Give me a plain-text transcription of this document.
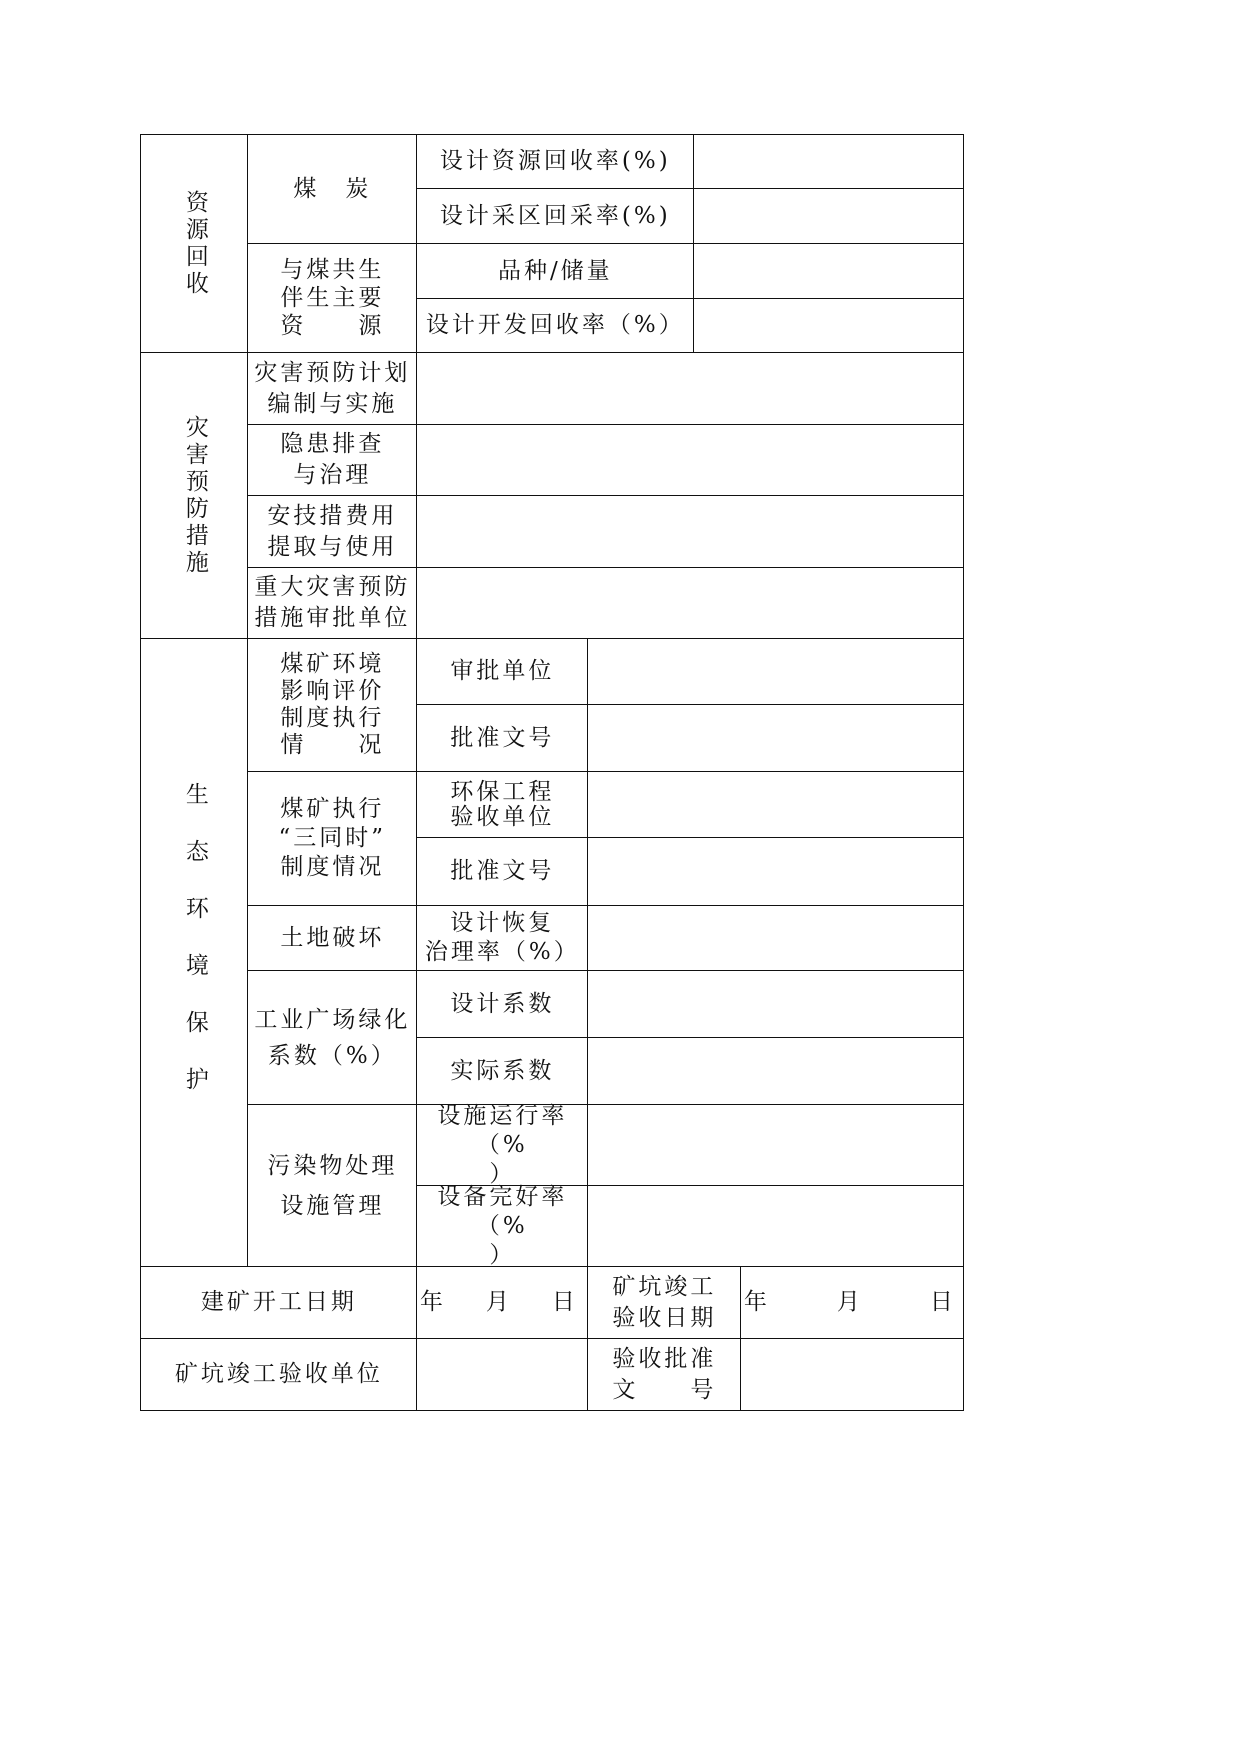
资源回收
煤　炭
设计资源回收率(%)
设计采区回采率(%)
与煤共生
伴生主要
资　　源
品种/储量
设计开发回收率（%）
灾害预防措施
灾害预防计划
编制与实施
隐患排查
与治理
安技措费用
提取与使用
重大灾害预防
措施审批单位
生态环境保护
煤矿环境
影响评价
制度执行
情　　况
审批单位
批准文号
煤矿执行
“三同时”
制度情况
环保工程
验收单位
批准文号
土地破坏
设计恢复
治理率（%）
工业广场绿化
系数（%）
设计系数
实际系数
污染物处理
设施管理
设施运行率（%
）
设备完好率（%
）
建矿开工日期	年　月　日
矿坑竣工
验收日期
年　　月　　日
矿坑竣工验收单位
验收批准
文　　号
